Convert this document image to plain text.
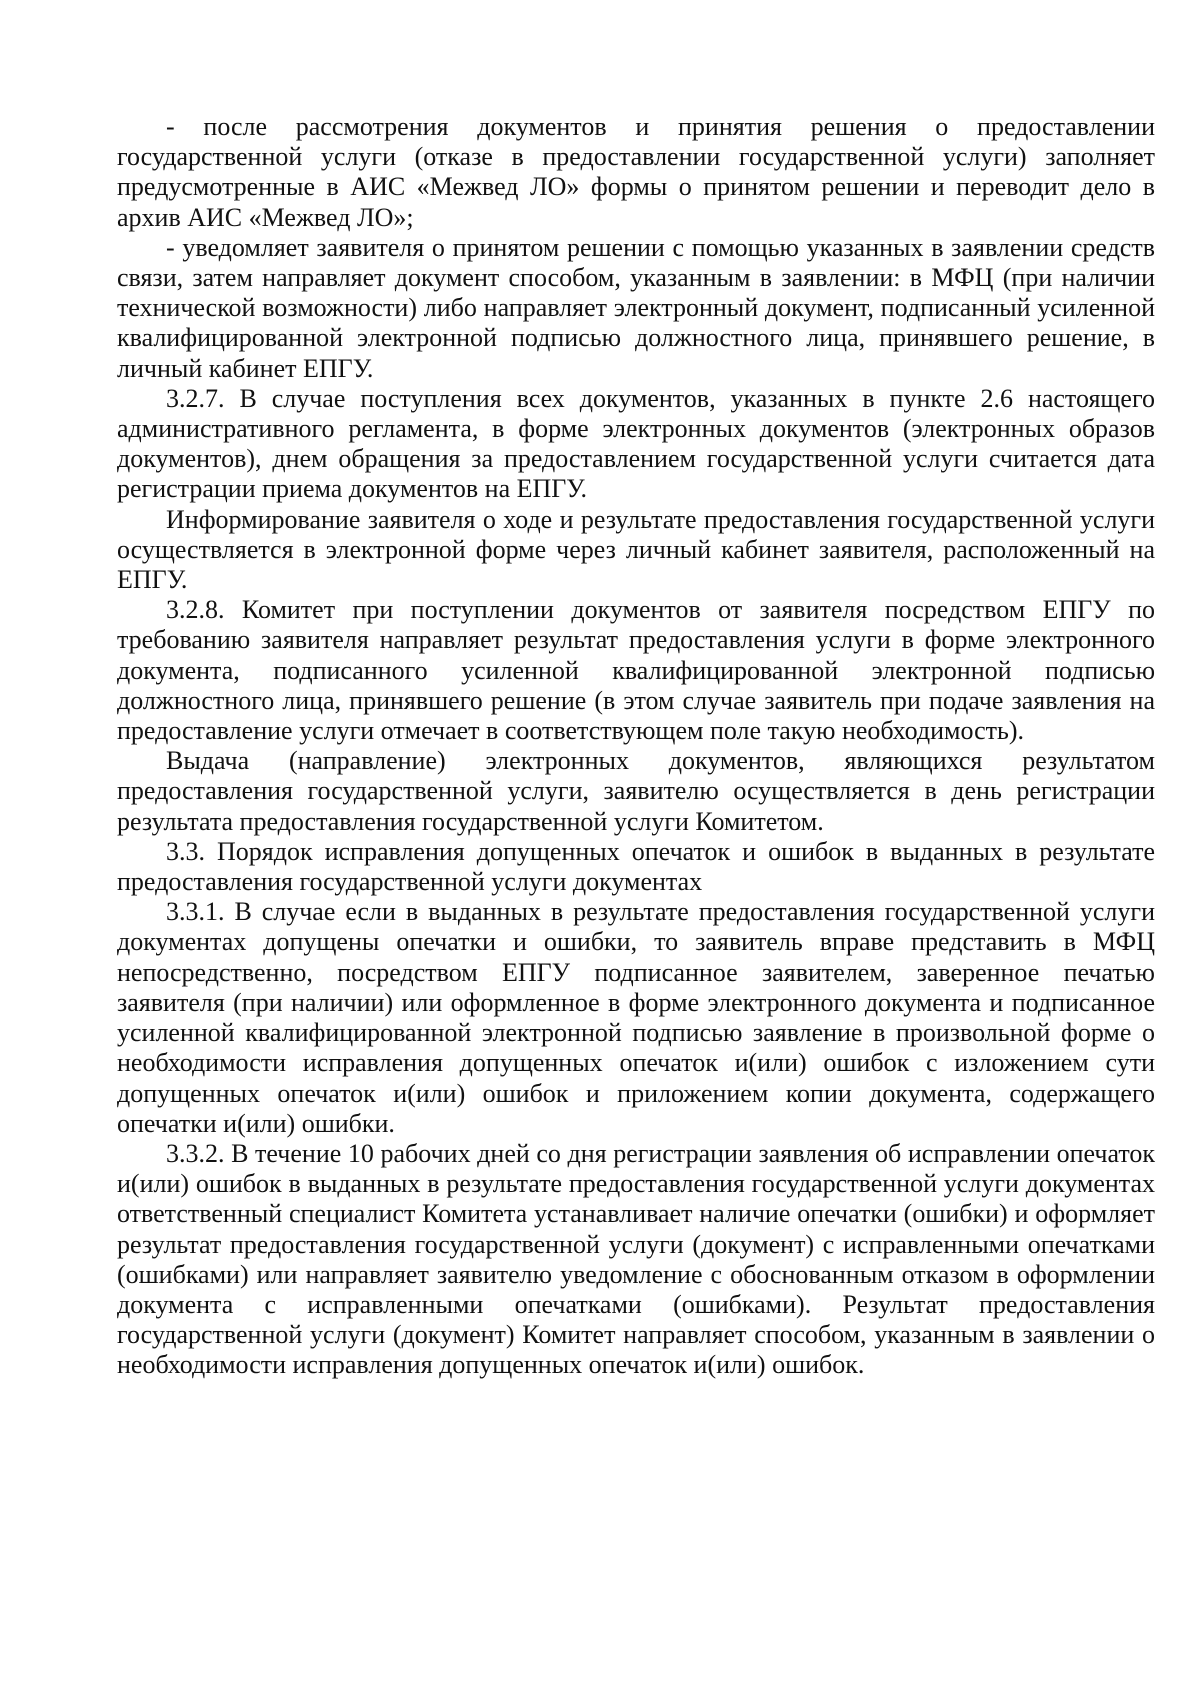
- после рассмотрения документов и принятия решения о предоставлении государственной услуги (отказе в предоставлении государственной услуги) заполняет предусмотренные в АИС «Межвед ЛО» формы о принятом решении и переводит дело в архив АИС «Межвед ЛО»;

- уведомляет заявителя о принятом решении с помощью указанных в заявлении средств связи, затем направляет документ способом, указанным в заявлении: в МФЦ (при наличии технической возможности) либо направляет электронный документ, подписанный усиленной квалифицированной электронной подписью должностного лица, принявшего решение, в личный кабинет ЕПГУ.

3.2.7. В случае поступления всех документов, указанных в пункте 2.6 настоящего административного регламента, в форме электронных документов (электронных образов документов), днем обращения за предоставлением государственной услуги считается дата регистрации приема документов на ЕПГУ.

Информирование заявителя о ходе и результате предоставления государственной услуги осуществляется в электронной форме через личный кабинет заявителя, расположенный на ЕПГУ.

3.2.8. Комитет при поступлении документов от заявителя посредством ЕПГУ по требованию заявителя направляет результат предоставления услуги в форме электронного документа, подписанного усиленной квалифицированной электронной подписью должностного лица, принявшего решение (в этом случае заявитель при подаче заявления на предоставление услуги отмечает в соответствующем поле такую необходимость).

Выдача (направление) электронных документов, являющихся результатом предоставления государственной услуги, заявителю осуществляется в день регистрации результата предоставления государственной услуги Комитетом.

3.3. Порядок исправления допущенных опечаток и ошибок в выданных в результате предоставления государственной услуги документах

3.3.1. В случае если в выданных в результате предоставления государственной услуги документах допущены опечатки и ошибки, то заявитель вправе представить в МФЦ непосредственно, посредством ЕПГУ подписанное заявителем, заверенное печатью заявителя (при наличии) или оформленное в форме электронного документа и подписанное усиленной квалифицированной электронной подписью заявление в произвольной форме о необходимости исправления допущенных опечаток и(или) ошибок с изложением сути допущенных опечаток и(или) ошибок и приложением копии документа, содержащего опечатки и(или) ошибки.

3.3.2. В течение 10 рабочих дней со дня регистрации заявления об исправлении опечаток и(или) ошибок в выданных в результате предоставления государственной услуги документах ответственный специалист Комитета устанавливает наличие опечатки (ошибки) и оформляет результат предоставления государственной услуги (документ) с исправленными опечатками (ошибками) или направляет заявителю уведомление с обоснованным отказом в оформлении документа с исправленными опечатками (ошибками). Результат предоставления государственной услуги (документ) Комитет направляет способом, указанным в заявлении о необходимости исправления допущенных опечаток и(или) ошибок.
